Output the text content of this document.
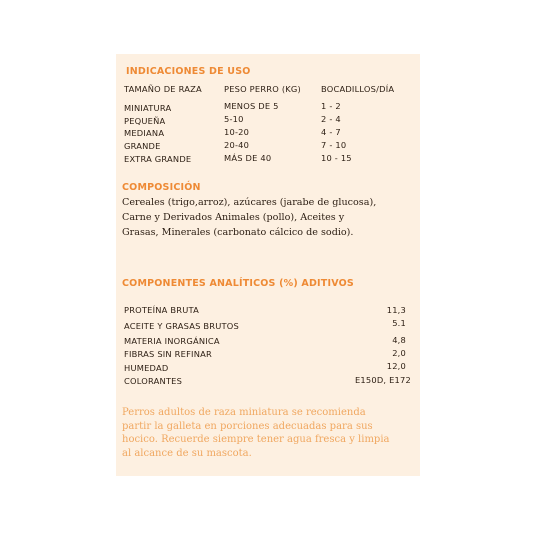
INDICACIONES DE USO
TAMAÑO DE RAZA	PESO PERRO (KG) BOCADILLOS/DÍA
MINIATURA	MENOS DE 5	1 - 2
PEQUEÑA	5-10	2 - 4
MEDIANA	10-20	4 - 7
GRANDE	20-40	7 - 10
EXTRA GRANDE	MÁS DE 40	10 - 15
COMPOSICIÓN
Cereales (trigo,arroz), azúcares (jarabe de glucosa),
Carne y Derivados Animales (pollo), Aceites y
Grasas, Minerales (carbonato cálcico de sodio).
COMPONENTES ANALÍTICOS (%) ADITIVOS
PROTEÍNA BRUTA	11,3
ACEITE Y GRASAS BRUTOS	5.1
MATERIA INORGÁNICA	4,8
FIBRAS SIN REFINAR	2,0
HUMEDAD	12,0
COLORANTES	E150D, E172
Perros adultos de raza miniatura se recomienda
partir la galleta en porciones adecuadas para sus
hocico. Recuerde siempre tener agua fresca y limpia
al alcance de su mascota.
